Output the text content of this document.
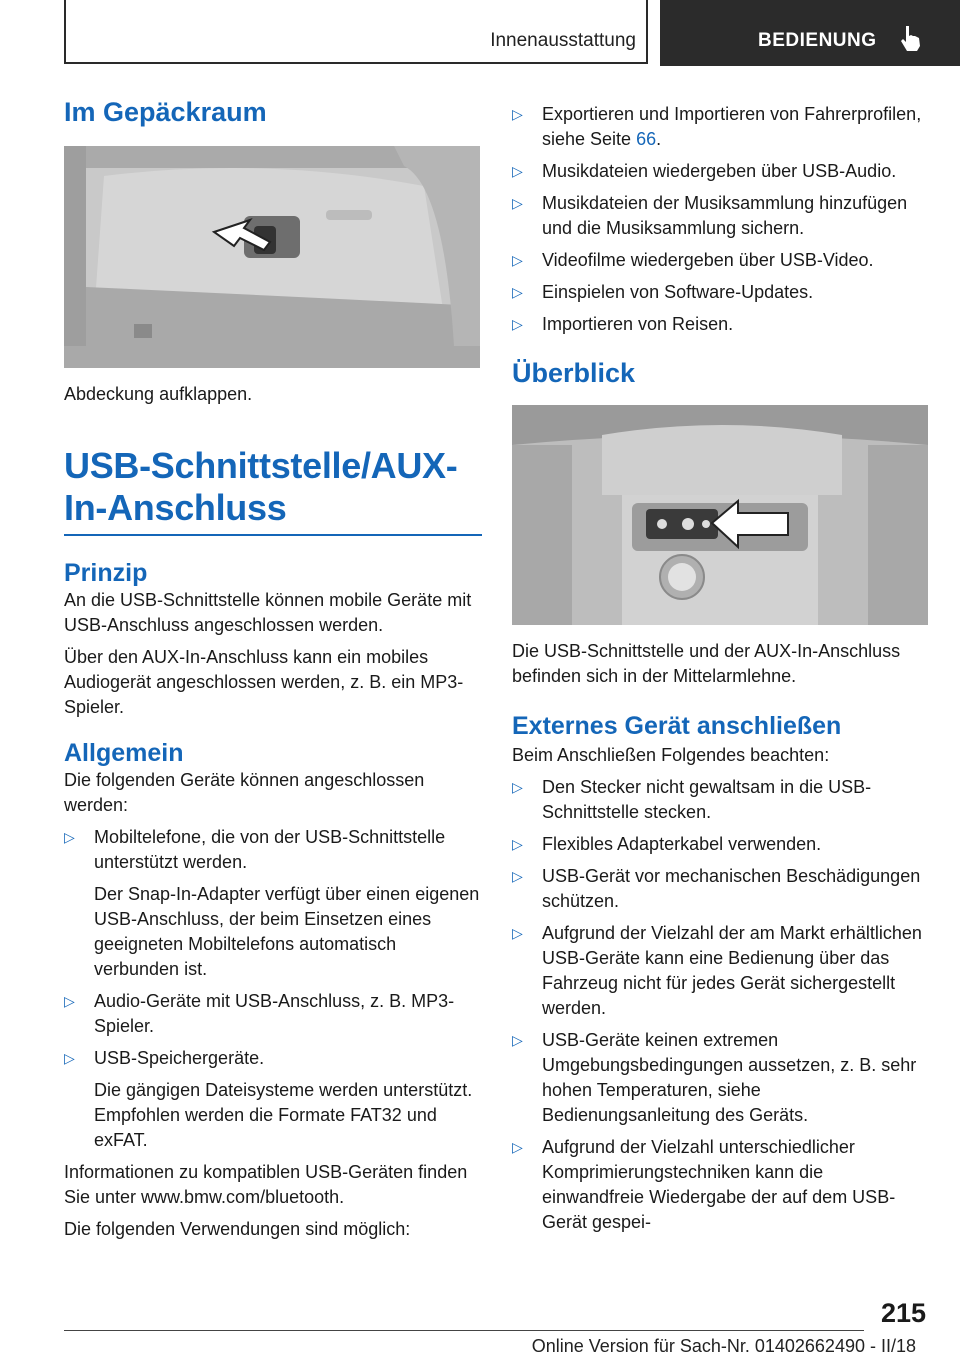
Innenausstattung	BEDIENUNG
Im Gepäckraum

Abdeckung aufklappen.

USB-Schnittstelle/AUX-In-Anschluss
Prinzip

An die USB-Schnittstelle können mobile Geräte mit USB-Anschluss angeschlossen werden.

Über den AUX-In-Anschluss kann ein mobiles Audiogerät angeschlossen werden, z. B. ein MP3-Spieler.

Allgemein

Die folgenden Geräte können angeschlossen werden:

▷ Mobiltelefone, die von der USB-Schnittstelle unterstützt werden.
Der Snap-In-Adapter verfügt über einen eigenen USB-Anschluss, der beim Einsetzen eines geeigneten Mobiltelefons automatisch verbunden ist.
▷ Audio-Geräte mit USB-Anschluss, z. B. MP3-Spieler.
▷ USB-Speichergeräte.
Die gängigen Dateisysteme werden unterstützt. Empfohlen werden die Formate FAT32 und exFAT.

Informationen zu kompatiblen USB-Geräten finden Sie unter www.bmw.com/bluetooth.

Die folgenden Verwendungen sind möglich:

▷ Exportieren und Importieren von Fahrerprofilen, siehe Seite 66.
▷ Musikdateien wiedergeben über USB-Audio.
▷ Musikdateien der Musiksammlung hinzufügen und die Musiksammlung sichern.
▷ Videofilme wiedergeben über USB-Video.
▷ Einspielen von Software-Updates.
▷ Importieren von Reisen.
Überblick

Die USB-Schnittstelle und der AUX-In-Anschluss befinden sich in der Mittelarmlehne.

Externes Gerät anschließen

Beim Anschließen Folgendes beachten:

▷ Den Stecker nicht gewaltsam in die USB-Schnittstelle stecken.
▷ Flexibles Adapterkabel verwenden.
▷ USB-Gerät vor mechanischen Beschädigungen schützen.
▷ Aufgrund der Vielzahl der am Markt erhältlichen USB-Geräte kann eine Bedienung über das Fahrzeug nicht für jedes Gerät sichergestellt werden.
▷ USB-Geräte keinen extremen Umgebungsbedingungen aussetzen, z. B. sehr hohen Temperaturen, siehe Bedienungsanleitung des Geräts.
▷ Aufgrund der Vielzahl unterschiedlicher Komprimierungstechniken kann die einwandfreie Wiedergabe der auf dem USB-Gerät gespei-
215
Online Version für Sach-Nr. 01402662490 - II/18
